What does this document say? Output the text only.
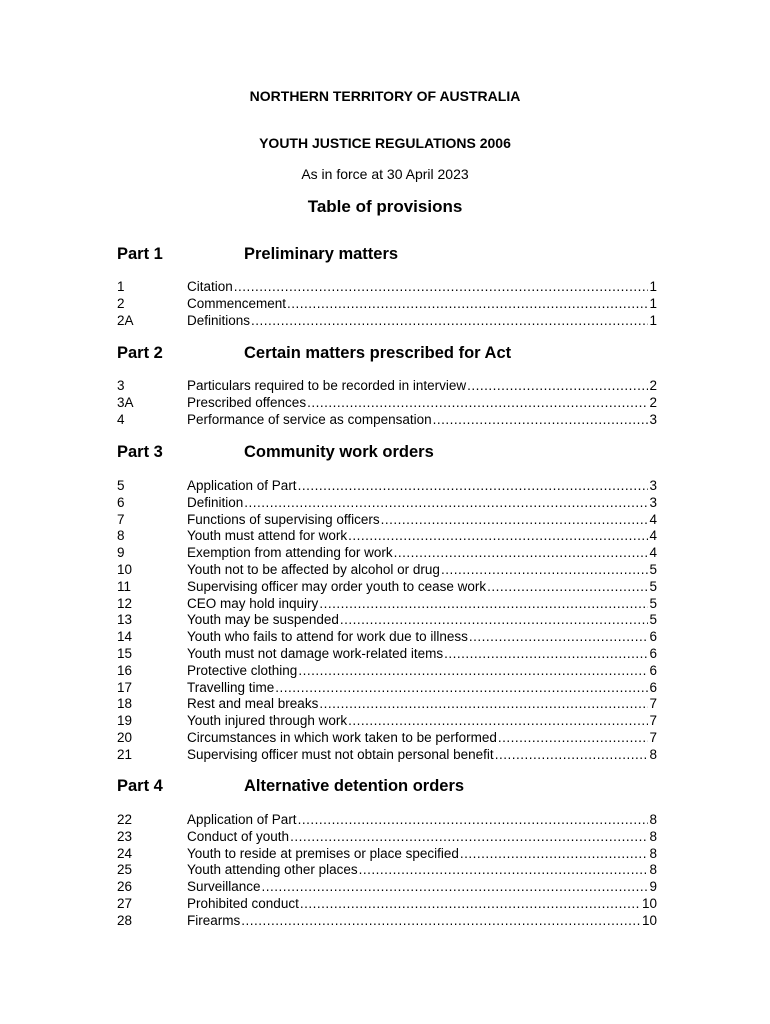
NORTHERN TERRITORY OF AUSTRALIA
YOUTH JUSTICE REGULATIONS 2006
As in force at 30 April 2023
Table of provisions
Part 1	Preliminary matters
1	Citation .....	1
2	Commencement .....	1
2A	Definitions .....	1
Part 2	Certain matters prescribed for Act
3	Particulars required to be recorded in interview .....	2
3A	Prescribed offences .....	2
4	Performance of service as compensation .....	3
Part 3	Community work orders
5	Application of Part .....	3
6	Definition .....	3
7	Functions of supervising officers .....	4
8	Youth must attend for work .....	4
9	Exemption from attending for work .....	4
10	Youth not to be affected by alcohol or drug .....	5
11	Supervising officer may order youth to cease work .....	5
12	CEO may hold inquiry .....	5
13	Youth may be suspended .....	5
14	Youth who fails to attend for work due to illness .....	6
15	Youth must not damage work-related items .....	6
16	Protective clothing .....	6
17	Travelling time .....	6
18	Rest and meal breaks .....	7
19	Youth injured through work .....	7
20	Circumstances in which work taken to be performed .....	7
21	Supervising officer must not obtain personal benefit .....	8
Part 4	Alternative detention orders
22	Application of Part .....	8
23	Conduct of youth .....	8
24	Youth to reside at premises or place specified .....	8
25	Youth attending other places .....	8
26	Surveillance .....	9
27	Prohibited conduct .....	10
28	Firearms .....	10
